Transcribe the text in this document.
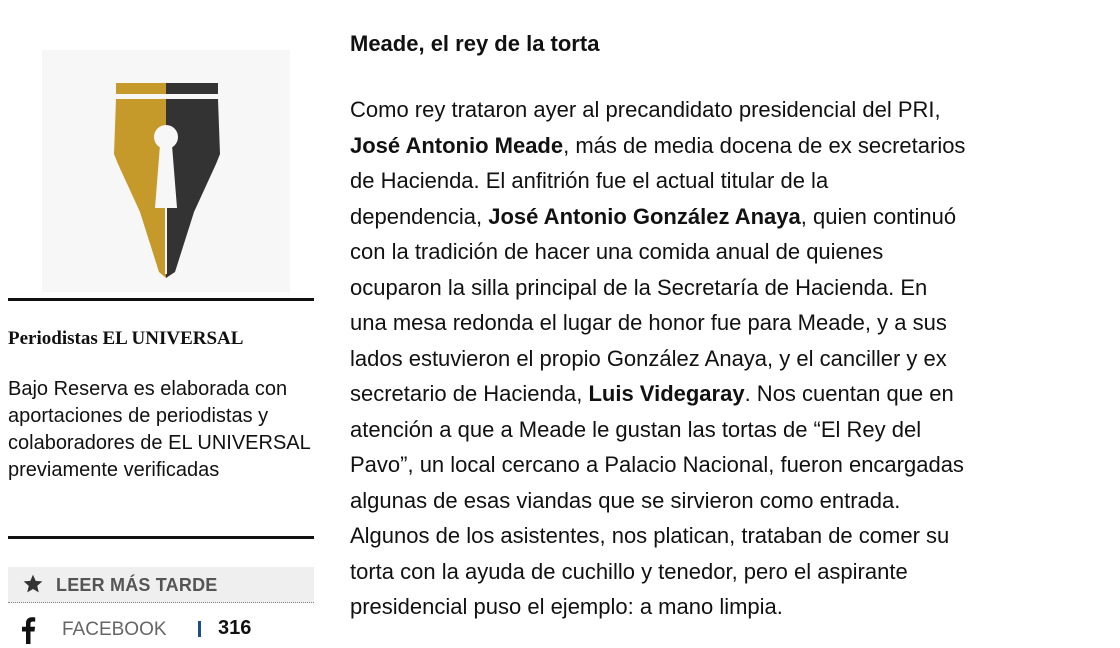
Periodistas EL UNIVERSAL
Bajo Reserva es elaborada con aportaciones de periodistas y colaboradores de EL UNIVERSAL previamente verificadas
LEER MÁS TARDE
FACEBOOK	316
Meade, el rey de la torta
Como rey trataron ayer al precandidato presidencial del PRI,
José Antonio Meade, más de media docena de ex secretarios
de Hacienda. El anfitrión fue el actual titular de la
dependencia, José Antonio González Anaya, quien continuó
con la tradición de hacer una comida anual de quienes
ocuparon la silla principal de la Secretaría de Hacienda. En
una mesa redonda el lugar de honor fue para Meade, y a sus
lados estuvieron el propio González Anaya, y el canciller y ex
secretario de Hacienda, Luis Videgaray. Nos cuentan que en
atención a que a Meade le gustan las tortas de “El Rey del
Pavo”, un local cercano a Palacio Nacional, fueron encargadas
algunas de esas viandas que se sirvieron como entrada.
Algunos de los asistentes, nos platican, trataban de comer su
torta con la ayuda de cuchillo y tenedor, pero el aspirante
presidencial puso el ejemplo: a mano limpia.
